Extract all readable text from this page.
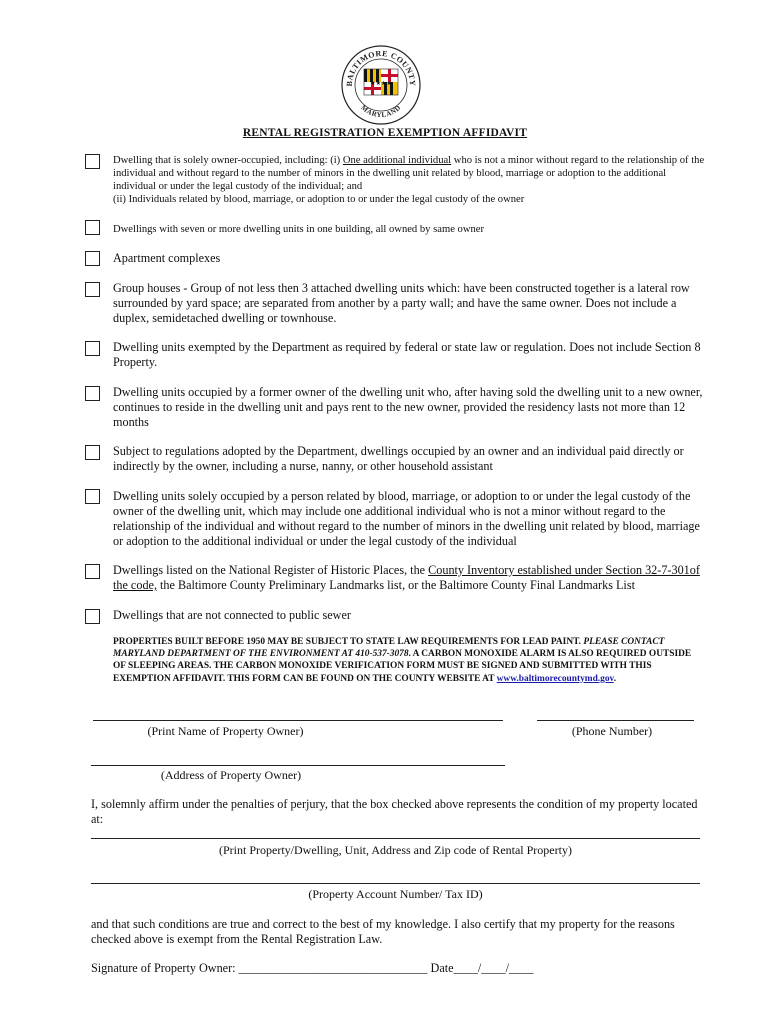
BALTIMORE COUNTY
MARYLAND
★★★★
RENTAL REGISTRATION EXEMPTION AFFIDAVIT
Dwelling that is solely owner-occupied, including: (i) One additional individual who is not a minor without regard to the relationship of the individual and without regard to the number of minors in the dwelling unit related by blood, marriage or adoption to the additional individual or under the legal custody of the individual; and
(ii) Individuals related by blood, marriage, or adoption to or under the legal custody of the owner
Dwellings with seven or more dwelling units in one building, all owned by same owner
Apartment complexes
Group houses - Group of not less then 3 attached dwelling units which: have been constructed together is a lateral row surrounded by yard space; are separated from another by a party wall; and have the same owner. Does not include a duplex, semidetached dwelling or townhouse.
Dwelling units exempted by the Department as required by federal or state law or regulation. Does not include Section 8 Property.
Dwelling units occupied by a former owner of the dwelling unit who, after having sold the dwelling unit to a new owner, continues to reside in the dwelling unit and pays rent to the new owner, provided the residency lasts not more than 12 months
Subject to regulations adopted by the Department, dwellings occupied by an owner and an individual paid directly or indirectly by the owner, including a nurse, nanny, or other household assistant
Dwelling units solely occupied by a person related by blood, marriage, or adoption to or under the legal custody of the owner of the dwelling unit, which may include one additional individual who is not a minor without regard to the relationship of the individual and without regard to the number of minors in the dwelling unit related by blood, marriage or adoption to the additional individual or under the legal custody of the individual
Dwellings listed on the National Register of Historic Places, the County Inventory established under Section 32-7-301of the code, the Baltimore County Preliminary Landmarks list, or the Baltimore County Final Landmarks List
Dwellings that are not connected to public sewer
PROPERTIES BUILT BEFORE 1950 MAY BE SUBJECT TO STATE LAW REQUIREMENTS FOR LEAD PAINT. PLEASE CONTACT MARYLAND DEPARTMENT OF THE ENVIRONMENT AT 410-537-3078. A CARBON MONOXIDE ALARM IS ALSO REQUIRED OUTSIDE OF SLEEPING AREAS. THE CARBON MONOXIDE VERIFICATION FORM MUST BE SIGNED AND SUBMITTED WITH THIS EXEMPTION AFFIDAVIT. THIS FORM CAN BE FOUND ON THE COUNTY WEBSITE AT www.baltimorecountymd.gov.
(Print Name of Property Owner)	(Phone Number)
(Address of Property Owner)
I, solemnly affirm under the penalties of perjury, that the box checked above represents the condition of my property located at:
(Print Property/Dwelling, Unit, Address and Zip code of Rental Property)
(Property Account Number/ Tax ID)
and that such conditions are true and correct to the best of my knowledge. I also certify that my property for the reasons checked above is exempt from the Rental Registration Law.
Signature of Property Owner: _______________________________ Date____/____/____
